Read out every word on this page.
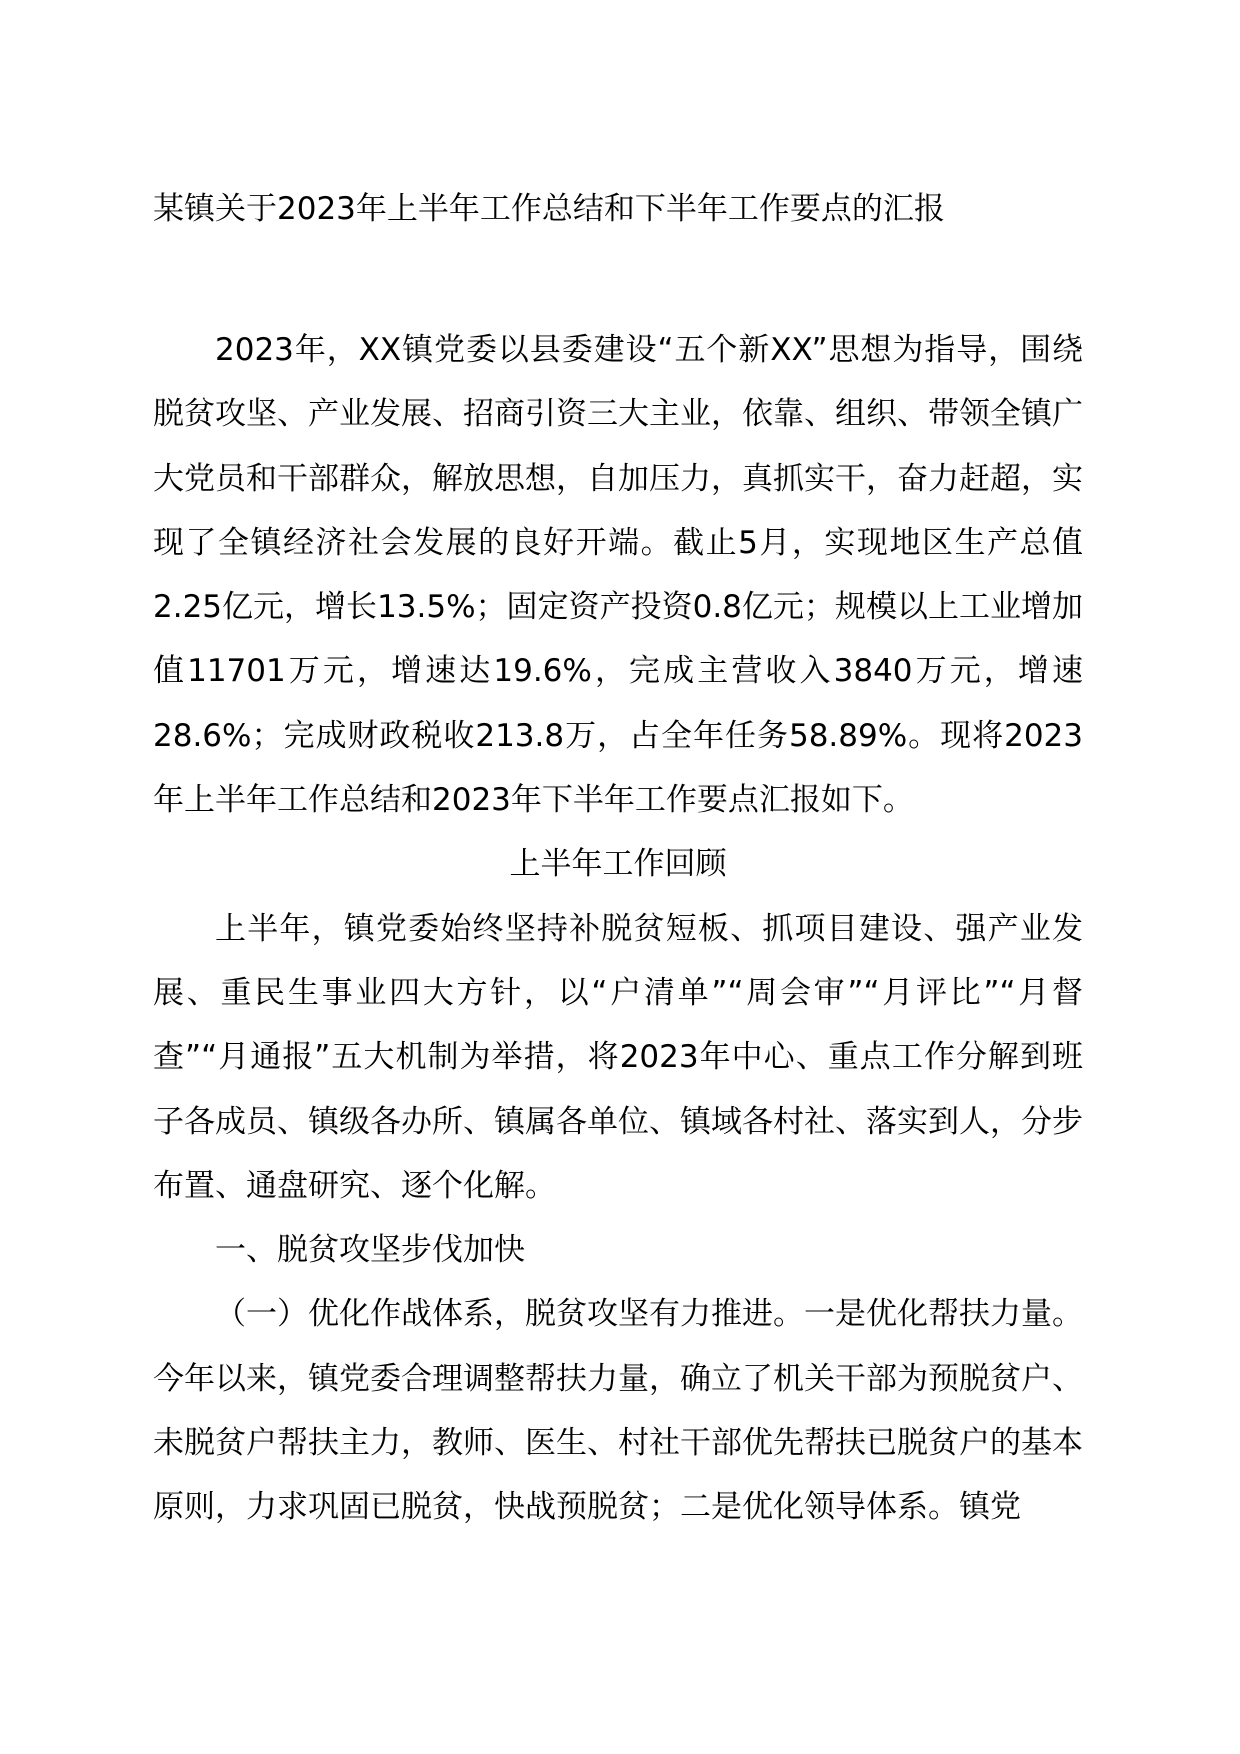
某镇关于2023年上半年工作总结和下半年工作要点的汇报

2023年，XX镇党委以县委建设“五个新XX”思想为指导，围绕脱贫攻坚、产业发展、招商引资三大主业，依靠、组织、带领全镇广大党员和干部群众，解放思想，自加压力，真抓实干，奋力赶超，实现了全镇经济社会发展的良好开端。截止5月，实现地区生产总值2.25亿元，增长13.5%；固定资产投资0.8亿元；规模以上工业增加值11701万元，增速达19.6%，完成主营收入3840万元，增速28.6%；完成财政税收213.8万，占全年任务58.89%。现将2023年上半年工作总结和2023年下半年工作要点汇报如下。

上半年工作回顾

上半年，镇党委始终坚持补脱贫短板、抓项目建设、强产业发展、重民生事业四大方针，以“户清单”“周会审”“月评比”“月督查”“月通报”五大机制为举措，将2023年中心、重点工作分解到班子各成员、镇级各办所、镇属各单位、镇域各村社、落实到人，分步布置、通盘研究、逐个化解。

一、脱贫攻坚步伐加快

（一）优化作战体系，脱贫攻坚有力推进。一是优化帮扶力量。今年以来，镇党委合理调整帮扶力量，确立了机关干部为预脱贫户、未脱贫户帮扶主力，教师、医生、村社干部优先帮扶已脱贫户的基本原则，力求巩固已脱贫，快战预脱贫；二是优化领导体系。镇党
